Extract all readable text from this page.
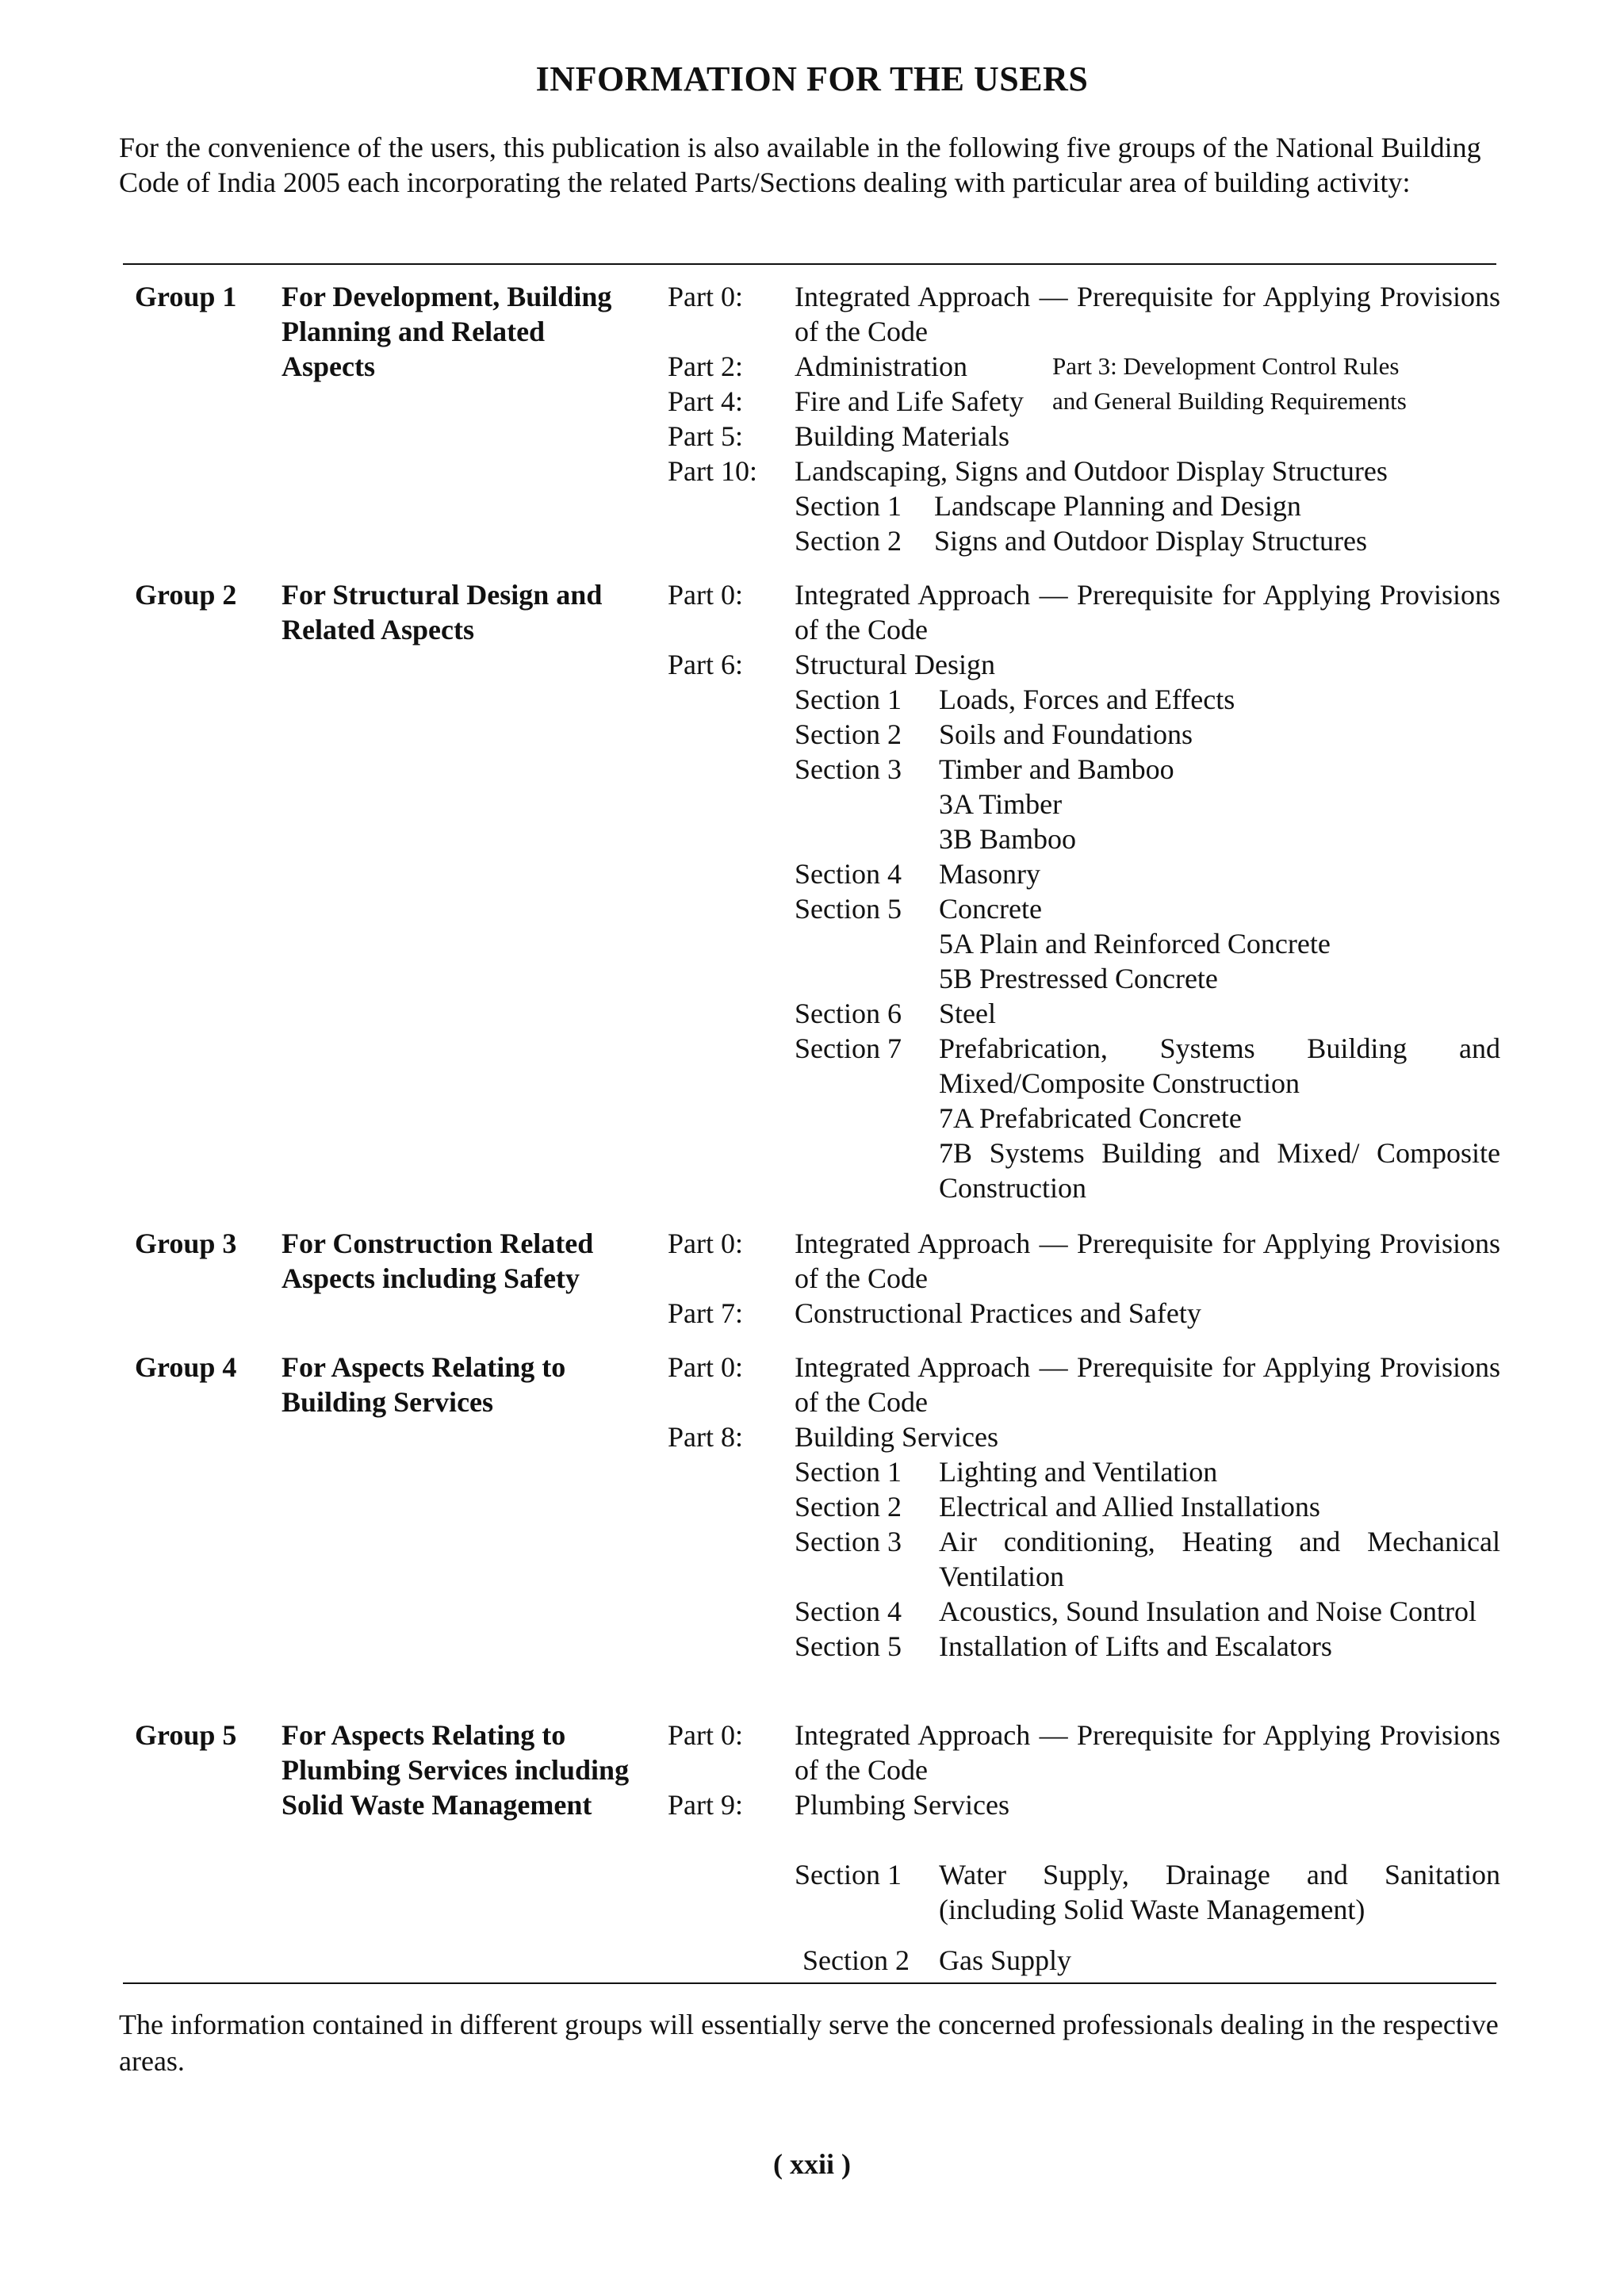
INFORMATION FOR THE USERS
For the convenience of the users, this publication is also available in the following five groups of the National Building Code of India 2005 each incorporating the related Parts/Sections dealing with particular area of building activity:
Group 1 For Development, Building Planning and Related Aspects
Part 0:	Integrated Approach — Prerequisite for Applying Provisions of the Code
Part 2:	Administration	Part 3: Development Control Rules
Part 4:	Fire and Life Safety and General Building Requirements
Part 5:	Building Materials
Part 10:	Landscaping, Signs and Outdoor Display Structures
Section 1	Landscape Planning and Design
Section 2	Signs and Outdoor Display Structures
Group 2 For Structural Design and Related Aspects
Part 0:	Integrated Approach — Prerequisite for Applying Provisions of the Code
Part 6:	Structural Design
Section 1	Loads, Forces and Effects
Section 2	Soils and Foundations
Section 3	Timber and Bamboo
3A Timber
3B Bamboo
Section 4	Masonry
Section 5	Concrete
5A Plain and Reinforced Concrete
5B Prestressed Concrete
Section 6	Steel
Section 7	Prefabrication, Systems Building and Mixed/Composite Construction
7A Prefabricated Concrete
7B Systems Building and Mixed/ Composite Construction
Group 3 For Construction Related Aspects including Safety
Part 0:	Integrated Approach — Prerequisite for Applying Provisions of the Code
Part 7:	Constructional Practices and Safety
Group 4 For Aspects Relating to Building Services
Part 0:	Integrated Approach — Prerequisite for Applying Provisions of the Code
Part 8:	Building Services
Section 1	Lighting and Ventilation
Section 2	Electrical and Allied Installations
Section 3	Air conditioning, Heating and Mechanical Ventilation
Section 4	Acoustics, Sound Insulation and Noise Control
Section 5	Installation of Lifts and Escalators
Group 5 For Aspects Relating to Plumbing Services including Solid Waste Management
Part 0:	Integrated Approach — Prerequisite for Applying Provisions of the Code
Part 9:	Plumbing Services
Section 1	Water Supply, Drainage and Sanitation (including Solid Waste Management)
Section 2	Gas Supply
The information contained in different groups will essentially serve the concerned professionals dealing in the respective areas.
( xxii )
